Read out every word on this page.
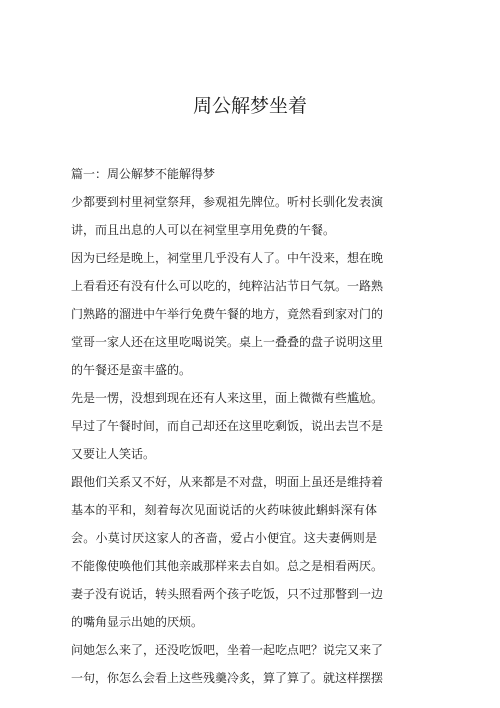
周公解梦坐着
篇一：周公解梦不能解得梦
少都要到村里祠堂祭拜，参观祖先牌位。听村长驯化发表演
讲，而且出息的人可以在祠堂里享用免费的午餐。
因为已经是晚上，祠堂里几乎没有人了。中午没来，想在晚
上看看还有没有什么可以吃的，纯粹沾沾节日气氛。一路熟
门熟路的溜进中午举行免费午餐的地方，竟然看到家对门的
堂哥一家人还在这里吃喝说笑。桌上一叠叠的盘子说明这里
的午餐还是蛮丰盛的。
先是一愣，没想到现在还有人来这里，面上微微有些尴尬。
早过了午餐时间，而自己却还在这里吃剩饭，说出去岂不是
又要让人笑话。
跟他们关系又不好，从来都是不对盘，明面上虽还是维持着
基本的平和，刻着每次见面说话的火药味彼此蝌蚪深有体
会。小莫讨厌这家人的吝啬，爱占小便宜。这夫妻俩则是
不能像使唤他们其他亲戚那样来去自如。总之是相看两厌。
妻子没有说话，转头照看两个孩子吃饭，只不过那瞥到一边
的嘴角显示出她的厌烦。
问她怎么来了，还没吃饭吧，坐着一起吃点吧？说完又来了
一句，你怎么会看上这些残羹冷炙，算了算了。就这样摆摆
